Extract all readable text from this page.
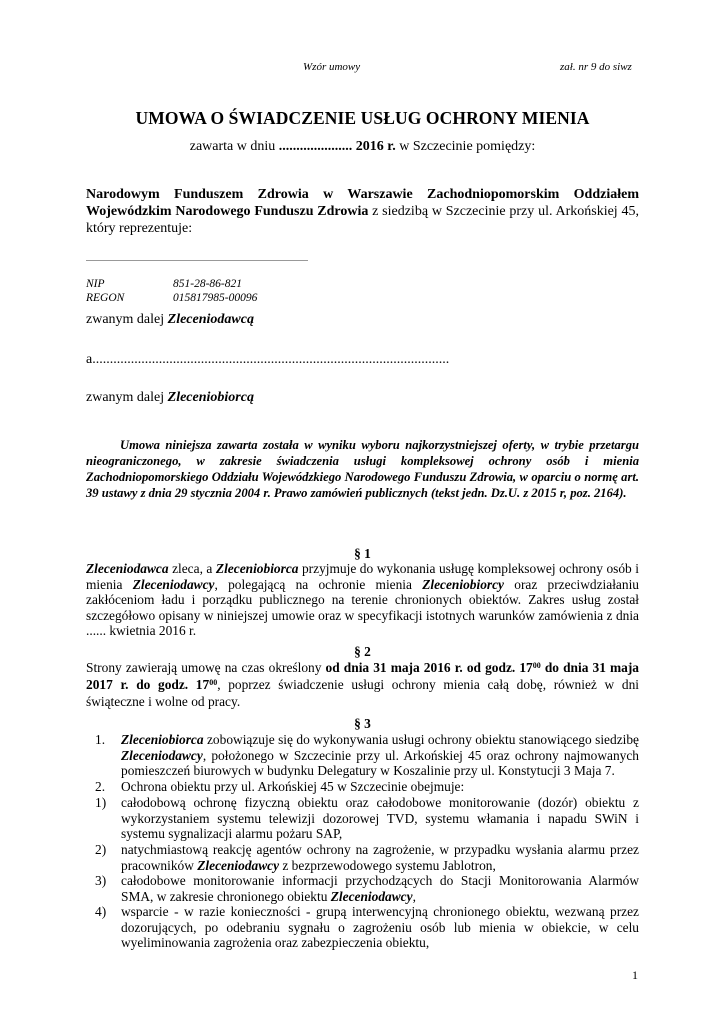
Wzór umowy	zał. nr 9 do siwz
UMOWA O ŚWIADCZENIE USŁUG OCHRONY MIENIA
zawarta w dniu ..................... 2016 r. w Szczecinie pomiędzy:
Narodowym Funduszem Zdrowia w Warszawie Zachodniopomorskim Oddziałem Wojewódzkim Narodowego Funduszu Zdrowia z siedzibą w Szczecinie przy ul. Arkońskiej 45, który reprezentuje:
NIP	851-28-86-821
REGON	015817985-00096
zwanym dalej Zleceniodawcą
a......................................................................................................
zwanym dalej Zleceniobiorcą
Umowa niniejsza zawarta została w wyniku wyboru najkorzystniejszej oferty, w trybie przetargu nieograniczonego, w zakresie świadczenia usługi kompleksowej ochrony osób i mienia Zachodniopomorskiego Oddziału Wojewódzkiego Narodowego Funduszu Zdrowia, w oparciu o normę art. 39 ustawy z dnia 29 stycznia 2004 r. Prawo zamówień publicznych (tekst jedn. Dz.U. z 2015 r, poz. 2164).
§ 1
Zleceniodawca zleca, a Zleceniobiorca przyjmuje do wykonania usługę kompleksowej ochrony osób i mienia Zleceniodawcy, polegającą na ochronie mienia Zleceniobiorcy oraz przeciwdziałaniu zakłóceniom ładu i porządku publicznego na terenie chronionych obiektów. Zakres usług został szczegółowo opisany w niniejszej umowie oraz w specyfikacji istotnych warunków zamówienia z dnia ...... kwietnia 2016 r.
§ 2
Strony zawierają umowę na czas określony od dnia 31 maja 2016 r. od godz. $17^{00}$ do dnia 31 maja 2017 r. do godz. $17^{00}$, poprzez świadczenie usługi ochrony mienia całą dobę, również w dni świąteczne i wolne od pracy.
§ 3
1. Zleceniobiorca zobowiązuje się do wykonywania usługi ochrony obiektu stanowiącego siedzibę Zleceniodawcy, położonego w Szczecinie przy ul. Arkońskiej 45 oraz ochrony najmowanych pomieszczeń biurowych w budynku Delegatury w Koszalinie przy ul. Konstytucji 3 Maja 7.
2. Ochrona obiektu przy ul. Arkońskiej 45 w Szczecinie obejmuje:
1) całodobową ochronę fizyczną obiektu oraz całodobowe monitorowanie (dozór) obiektu z wykorzystaniem systemu telewizji dozorowej TVD, systemu włamania i napadu SWiN i systemu sygnalizacji alarmu pożaru SAP,
2) natychmiastową reakcję agentów ochrony na zagrożenie, w przypadku wysłania alarmu przez pracowników Zleceniodawcy z bezprzewodowego systemu Jablotron,
3) całodobowe monitorowanie informacji przychodzących do Stacji Monitorowania Alarmów SMA, w zakresie chronionego obiektu Zleceniodawcy,
4) wsparcie - w razie konieczności - grupą interwencyjną chronionego obiektu, wezwaną przez dozorujących, po odebraniu sygnału o zagrożeniu osób lub mienia w obiekcie, w celu wyeliminowania zagrożenia oraz zabezpieczenia obiektu,
1
